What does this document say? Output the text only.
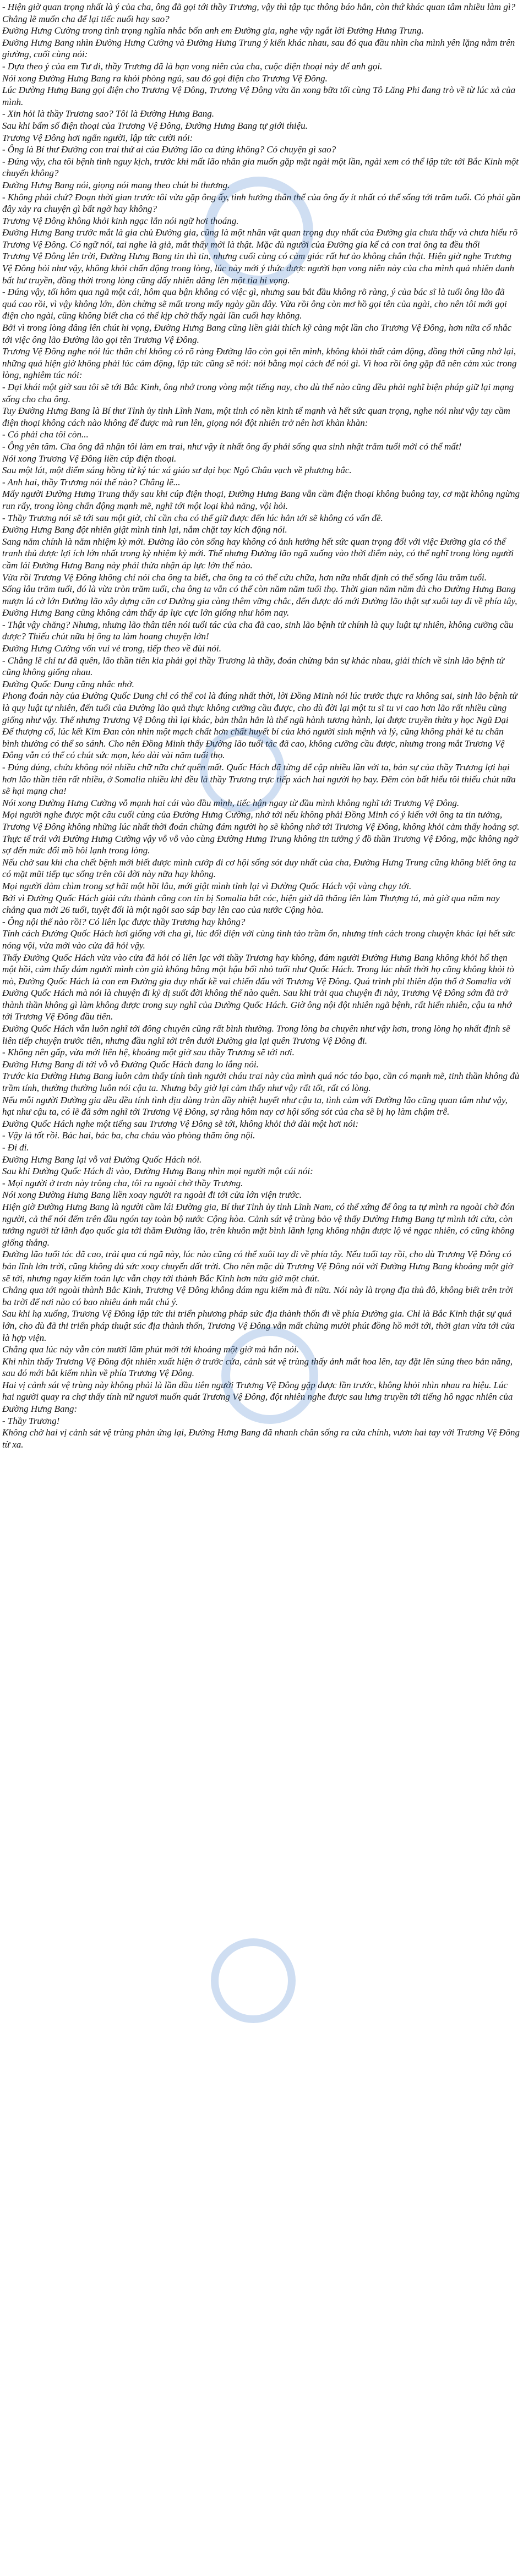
- Hiện giờ quan trọng nhất là ý của cha, ông đã gọi tới thầy Trương, vậy thì tập tục thông báo hẳn, còn thứ khác quan tâm nhiều làm gì? Chẳng lẽ muốn cha để lại tiếc nuối hay sao?

Đường Hưng Cường trong tình trọng nghĩa nhắc bốn anh em Đường gia, nghe vậy ngắt lời Đường Hưng Trung.

Đường Hưng Bang nhìn Đường Hưng Cường và Đường Hưng Trung ý kiến khác nhau, sau đó qua đầu nhìn cha mình yên lặng nằm trên giường, cuối cùng nói:

- Dựa theo ý của em Tư đi, thầy Trương đã là bạn vong niên của cha, cuộc điện thoại này để anh gọi.

Nói xong Đường Hưng Bang ra khỏi phòng ngủ, sau đó gọi điện cho Trương Vệ Đông.

Lúc Đường Hưng Bang gọi điện cho Trương Vệ Đông, Trương Vệ Đông vừa ăn xong bữa tối cùng Tô Lăng Phi đang trò về từ lúc xả của mình.

- Xin hỏi là thầy Trương sao? Tôi là Đường Hưng Bang.

Sau khi bấm số điện thoại của Trương Vệ Đông, Đường Hưng Bang tự giới thiệu.

Trương Vệ Đông hơi ngẩn người, lập tức cười nói:

- Ông là Bí thư Đường con trai thứ ai của Đường lão ca đúng không? Có chuyện gì sao?

- Đúng vậy, cha tôi bệnh tình nguy kịch, trước khi mất lão nhân gia muốn gặp mặt ngài một lần, ngài xem có thể lập tức tới Bắc Kinh một chuyến không?

Đường Hưng Bang nói, giọng nói mang theo chút bi thương.

- Không phải chứ? Đoạn thời gian trước tôi vừa gặp ông ấy, tinh hướng thân thể của ông ấy ít nhất có thể sống tới trăm tuổi. Có phải gần đây xảy ra chuyện gì bất ngờ hay không?

Trương Vệ Đông không khỏi kinh ngạc lẫn nói ngữ hơi thoáng.

Đường Hưng Bang trước mắt là gia chủ Đường gia, cũng là một nhân vật quan trọng duy nhất của Đường gia chưa thấy và chưa hiểu rõ Trương Vệ Đông. Có ngữ nói, tai nghe là giả, mắt thấy mới là thật. Mặc dù người của Đường gia kể cả con trai ông ta đều thổi

Trương Vệ Đông lên trời, Đường Hưng Bang tin thì tin, nhưng cuối cùng có cảm giác rất hư ảo không chân thật. Hiện giờ nghe Trương Vệ Đông hỏi như vậy, không khỏi chấn động trong lòng, lúc này mới ý thức được người bạn vong niên này của cha mình quả nhiên danh bất hư truyền, đồng thời trong lòng cũng dấy nhiên dâng lên một tia hi vọng.

- Đúng vậy, tối hôm qua ngã một cái, hôm qua bận không có việc gì, nhưng sau bắt đầu không rõ ràng, ý của bác sĩ là tuổi ông lão đã quá cao rồi, vì vậy không lớn, đòn chừng sẽ mất trong mấy ngày gần đây. Vừa rồi ông còn mơ hồ gọi tên của ngài, cho nên tôi mới gọi điện cho ngài, cũng không biết cha có thể kịp chờ thấy ngài lần cuối hay không.

Bởi vì trong lòng dâng lên chút hi vọng, Đường Hưng Bang cũng liền giải thích kỹ càng một lần cho Trương Vệ Đông, hơn nữa cố nhắc tới việc ông lão Đường lão gọi tên Trương Vệ Đông.

Trương Vệ Đông nghe nói lúc thân chỉ không có rõ ràng Đường lão còn gọi tên mình, không khỏi thất cảm động, đồng thời cũng nhớ lại, những quá hiện giờ không phải lúc cảm động, lập tức cũng sẽ nói: nói bằng mọi cách để nói gì. Vì hoa rồi ông gặp đã nên cảm xúc trong lòng, nghiêm túc nói:

- Đại khái một giờ sau tôi sẽ tới Bắc Kinh, ông nhớ trong vòng một tiếng nay, cho dù thế nào cũng đều phải nghĩ biện pháp giữ lại mạng sống cho cha ông.

Tuy Đường Hưng Bang là Bí thư Tỉnh ủy tỉnh Lĩnh Nam, một tỉnh có nền kinh tế mạnh và hết sức quan trọng, nghe nói như vậy tay cầm điện thoại không cách nào không để được mà run lên, giọng nói đột nhiên trở nên hơi khàn khàn:

- Có phải cha tôi còn...

- Ông yên tâm. Cha ông đã nhận tôi làm em trai, như vậy ít nhất ông ấy phải sống qua sinh nhật trăm tuổi mới có thể mất!

Nói xong Trương Vệ Đông liền cúp điện thoại.

Sau một lát, một điểm sáng hồng từ ký túc xá giáo sư đại học Ngô Châu vạch về phương bắc.

- Anh hai, thầy Trương nói thế nào? Chẳng lẽ...

Mấy người Đường Hưng Trung thấy sau khi cúp điện thoại, Đường Hưng Bang vẫn cầm điện thoại không buông tay, cơ mặt không ngừng run rẩy, trong lòng chấn động mạnh mẽ, nghĩ tới một loại khả năng, vội hỏi.

- Thầy Trương nói sẽ tới sau một giờ, chỉ cần cha có thể giữ được đến lúc hắn tới sẽ không có vấn đề.

Đường Hưng Bang đột nhiên giật mình tỉnh lại, nắm chặt tay kích động nói.

Sang năm chính là năm nhiệm kỳ mới. Đường lão còn sống hay không có ảnh hưởng hết sức quan trọng đối với việc Đường gia có thể tranh thủ được lợi ích lớn nhất trong kỳ nhiệm kỳ mới. Thế nhưng Đường lão ngã xuống vào thời điểm này, có thể nghĩ trong lòng người cầm lái Đường Hưng Bang này phải thừa nhận áp lực lớn thế nào.

Vừa rồi Trương Vệ Đông không chỉ nói cha ông ta biết, cha ông ta có thể cứu chữa, hơn nữa nhất định có thể sống lâu trăm tuổi.

Sống lâu trăm tuổi, đó là vừa tròn trăm tuổi, cha ông ta vẫn có thể còn năm năm tuổi thọ. Thời gian năm năm đủ cho Đường Hưng Bang mượn lá cờ lớn Đường lão xây dựng căn cơ Đường gia càng thêm vững chắc, đến được đó mới Đường lão thật sự xuôi tay đi về phía tây, Đường Hưng Bang cũng không cảm thấy áp lực cực lớn giống như hôm nay.

- Thật vậy chăng? Nhưng, nhưng lão thân tiên nói tuổi tác của cha đã cao, sinh lão bệnh tử chính là quy luật tự nhiên, không cưỡng cầu được? Thiếu chút nữa bị ông ta làm hoang chuyện lớn!

Đường Hưng Cường vốn vui vẻ trong, tiếp theo về đùi nói.

- Chẳng lẽ chỉ tư đã quên, lão thần tiên kia phải gọi thầy Trương là thầy, đoán chừng bản sự khác nhau, giải thích về sinh lão bệnh tử cũng không giống nhau.

Đường Quốc Dung cũng nhắc nhở.

Phong đoán này của Đường Quốc Dung chỉ có thể coi là đúng nhất thời, lời Đồng Minh nói lúc trước thực ra không sai, sinh lão bệnh tử là quy luật tự nhiên, đến tuổi của Đường lão quả thực không cưỡng cầu được, cho dù đời lại một tu sĩ tu vi cao hơn lão rất nhiều cũng giống như vậy. Thế nhưng Trương Vệ Đông thì lại khác, bản thân hắn là thể ngũ hành tương hành, lại được truyền thừa y học Ngũ Đại Đế thượng cổ, lúc kết Kim Đan còn nhìn một mạch chất hơn chất huyết bí của khó người sinh mệnh và lý, cũng không phải kẻ tu chân bình thường có thể so sánh. Cho nên Đồng Minh thấy Đường lão tuổi tác đã cao, không cưỡng cầu được, nhưng trong mắt Trương Vệ Đông vẫn có thể có chút sức mọn, kéo dài vài năm tuổi thọ.

- Đúng đúng, chứu không nói nhiều chữ nữa chứ quên mất. Quốc Hách đã từng để cập nhiều lần với ta, bản sự của thầy Trương lợi hại hơn lão thần tiên rất nhiều, ở Somalia nhiều khi đều là thầy Trương trực tiếp xách hai người họ bay. Đêm còn bất hiểu tôi thiếu chút nữa sẽ hại mạng cha!

Nói xong Đường Hưng Cường vỗ mạnh hai cái vào đầu mình, tiếc hận ngay từ đầu mình không nghĩ tới Trương Vệ Đông.

Mọi người nghe được một câu cuối cùng của Đường Hưng Cường, nhớ tới nếu không phải Đồng Minh có ý kiến với ông ta tin tưởng, Trương Vệ Đông không những lúc nhất thời đoán chừng đám người họ sẽ không nhớ tới Trương Vệ Đông, không khỏi cảm thấy hoảng sợ. Thực tế trái với Đường Hưng Cường vậy vỗ vỗ vào cùng Đường Hưng Trung không tin tưởng ý đồ thần Trương Vệ Đông, mặc không ngờ sợ đến mức đổi mồ hôi lạnh trong lòng.

Nếu chờ sau khi cha chết bệnh mới biết được mình cướp đi cơ hội sống sót duy nhất của cha, Đường Hưng Trung cũng không biết ông ta có mặt mũi tiếp tục sống trên cõi đời này nữa hay không.

Mọi người đảm chìm trong sợ hãi một hồi lâu, mới giật mình tỉnh lại vì Đường Quốc Hách vội vàng chạy tới.

Bởi vì Đường Quốc Hách giải cứu thành công con tin bị Somalia bắt cóc, hiện giờ đã thăng lên làm Thượng tá, mà giờ qua năm nay chẳng qua mới 26 tuổi, tuyệt đối là một ngôi sao sáp bay lên cao của nước Cộng hòa.

- Ông nội thế nào rồi? Có liên lạc được thầy Trương hay không?

Tính cách Đường Quốc Hách hơi giống với cha gì, lúc đối diện với cùng tình tảo trầm ổn, nhưng tính cách trong chuyện khác lại hết sức nóng vội, vừa mới vào cửa đã hỏi vậy.

Thấy Đường Quốc Hách vừa vào cửa đã hỏi có liên lạc với thầy Trương hay không, đám người Đường Hưng Bang không khỏi hổ thẹn một hồi, cảm thấy đám người mình còn già không bằng một hậu bối nhỏ tuổi như Quốc Hách. Trong lúc nhất thời họ cũng không khỏi tò mò, Đường Quốc Hách là con em Đường gia duy nhất kề vai chiến đấu với Trương Vệ Đông. Quá trình phi thiên độn thổ ở Somalia với Đường Quốc Hách mà nói là chuyện đi kỷ dị suốt đời không thể nào quên. Sau khi trải qua chuyện đi này, Trương Vệ Đông sớm đã trở thành thần không gì làm không được trong suy nghĩ của Đường Quốc Hách. Giờ ông nội đột nhiên ngã bệnh, rất hiển nhiên, cậu ta nhớ tới Trương Vệ Đông đầu tiên.

Đường Quốc Hách vẫn luôn nghĩ tới đông chuyên cũng rất bình thường. Trong lòng ba chuyên như vậy hơn, trong lòng họ nhất định sẽ liên tiếp chuyện trước tiên, nhưng đầu nghĩ tới trên dưới Đường gia lại quên Trương Vệ Đông đi.

- Không nên gấp, vừa mới liên hệ, khoảng một giờ sau thầy Trương sẽ tới nơi.

Đường Hưng Bang đi tới vỗ vỗ Đường Quốc Hách đang lo lắng nói.

Trước kia Đường Hưng Bang luôn cảm thấy tính tình người cháu trai này của mình quá nóc táo bạo, cần có mạnh mẽ, tinh thần không đủ trầm tính, thường thường luôn nói cậu ta. Nhưng bây giờ lại cảm thấy như vậy rất tốt, rất có lòng.

Nếu mỗi người Đường gia đều đều tính tình dịu dàng tràn đầy nhiệt huyết như cậu ta, tình cảm với Đường lão cũng quan tâm như vậy, hạt như cậu ta, có lẽ đã sớm nghĩ tới Trương Vệ Đông, sợ rằng hôm nay cơ hội sống sót của cha sẽ bị họ làm chậm trễ.

Đường Quốc Hách nghe một tiếng sau Trương Vệ Đông sẽ tới, không khỏi thở dài một hơi nói:

- Vậy là tốt rồi. Bác hai, bác ba, cha cháu vào phòng thăm ông nội.

- Đi đi.

Đường Hưng Bang lại vỗ vai Đường Quốc Hách nói.

Sau khi Đường Quốc Hách đi vào, Đường Hưng Bang nhìn mọi người một cái nói:

- Mọi người ở trơn này trông cha, tôi ra ngoài chờ thầy Trương.

Nói xong Đường Hưng Bang liền xoay người ra ngoài đi tới cửa lớn viện trước.

Hiện giờ Đường Hưng Bang là người cầm lái Đường gia, Bí thư Tỉnh ủy tỉnh Lĩnh Nam, có thể xứng để ông ta tự mình ra ngoài chờ đón người, cả thế nói đếm trên đầu ngón tay toàn bộ nước Cộng hòa. Cảnh sát vệ trùng bảo vệ thấy Đường Hưng Bang tự mình tới cửa, còn tưởng người từ lãnh đạo quốc gia tới thăm Đường lão, trên khuôn mặt bình lãnh lạng không nhận được lộ vẻ ngạc nhiên, có cũng không giống thắng.

Đường lão tuổi tác đã cao, trải qua cú ngã này, lúc nào cũng có thể xuôi tay đi về phía tây. Nếu tuổi tay rồi, cho dù Trương Vệ Đông có bản lĩnh lớn trời, cũng không đủ sức xoay chuyển đất trời. Cho nên mặc dù Trương Vệ Đông nói với Đường Hưng Bang khoảng một giờ sẽ tới, nhưng ngay kiếm toán lực vẫn chạy tới thành Bắc Kinh hơn nửa giờ một chút.

Chẳng qua tới ngoài thành Bắc Kinh, Trương Vệ Đông không dám ngu kiếm mà đi nữa. Nói này là trọng địa thủ đô, không biết trên trời ba trời để nơi nào có bao nhiêu ánh mắt chú ý.

Sau khi hạ xuống, Trương Vệ Đông lập tức thi triển phương pháp sức địa thành thốn đi về phía Đường gia. Chỉ là Bắc Kinh thật sự quá lớn, cho dù đã thi triển pháp thuật súc địa thành thốn, Trương Vệ Đông vẫn mất chừng mười phút đồng hồ mới tới, thời gian vừa tới cửa là hợp viện.

Chẳng qua lúc này vẫn còn mười lăm phút mới tới khoảng một giờ mà hắn nói.

Khi nhìn thấy Trương Vệ Đông đột nhiên xuất hiện ở trước cửa, cảnh sát vệ trùng thấy ảnh mắt hoa lên, tay đặt lên súng theo bản năng, sau đó mới bắt kiếm nhìn về phía Trương Vệ Đông.

Hai vị cảnh sát vệ trùng này không phải là lần đầu tiên người Trương Vệ Đông gặp được lần trước, không khỏi nhìn nhau ra hiệu. Lúc hai người quay ra chợ thấy tính nữ ngươi muốn quát Trương Vệ Đông, đột nhiên nghe được sau lưng truyền tới tiếng hô ngạc nhiên của Đường Hưng Bang:

- Thầy Trương!

Không chờ hai vị cảnh sát vệ trùng phản ứng lại, Đường Hưng Bang đã nhanh chân sống ra cửa chính, vươn hai tay với Trương Vệ Đông từ xa.
